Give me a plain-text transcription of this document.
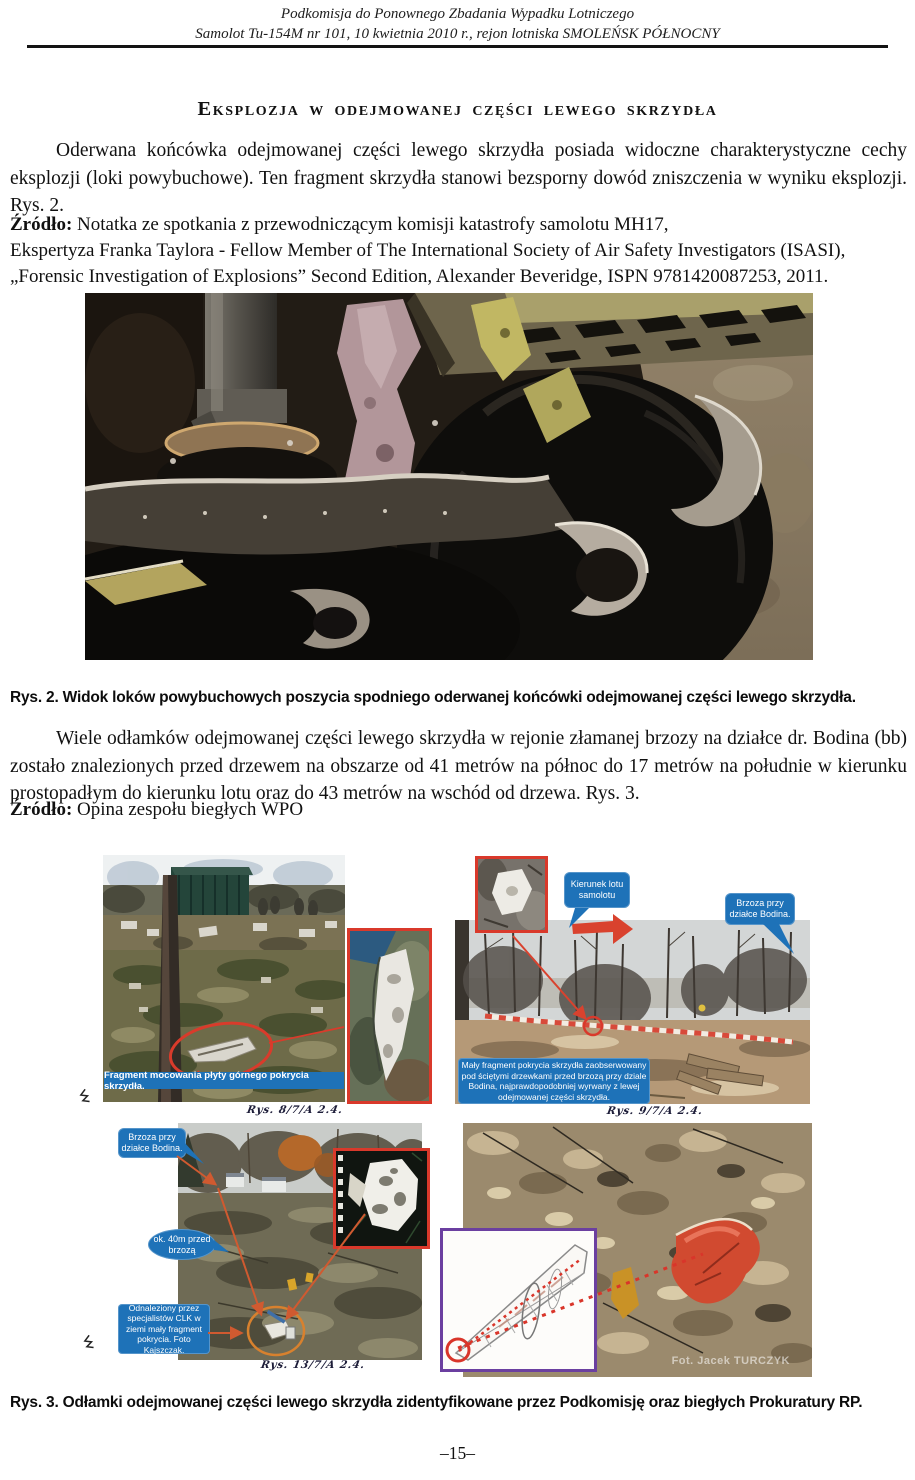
Podkomisja do Ponownego Zbadania Wypadku Lotniczego
Samolot Tu-154M nr 101, 10 kwietnia 2010 r., rejon lotniska SMOLEŃSK PÓŁNOCNY
Eksplozja w odejmowanej części lewego skrzydła
Oderwana końcówka odejmowanej części lewego skrzydła posiada widoczne charakterystyczne cechy eksplozji (loki powybuchowe). Ten fragment skrzydła stanowi bezsporny dowód zniszczenia w wyniku eksplozji. Rys. 2.
Źródło: Notatka ze spotkania z przewodniczącym komisji katastrofy samolotu MH17,
Ekspertyza Franka Taylora - Fellow Member of The International Society of Air Safety Investigators (ISASI), „Forensic Investigation of Explosions” Second Edition, Alexander Beveridge, ISPN 9781420087253, 2011.
Rys. 2. Widok loków powybuchowych poszycia spodniego oderwanej końcówki odejmowanej części lewego skrzydła.
Wiele odłamków odejmowanej części lewego skrzydła w rejonie złamanej brzozy na działce dr. Bodina (bb) zostało znalezionych przed drzewem na obszarze od 41 metrów na północ do 17 metrów na południe w kierunku prostopadłym do kierunku lotu oraz do 43 metrów na wschód od drzewa. Rys. 3.
Źródło: Opina zespołu biegłych WPO
Fragment mocowania płyty górnego pokrycia skrzydła.
Rys. 8/7/A 2.4.
Kierunek lotu samolotu
Brzoza przy działce Bodina.
Mały fragment pokrycia skrzydła zaobserwowany pod ściętymi drzewkami przed brzozą przy dziale Bodina, najprawdopodobniej wyrwany z lewej odejmowanej części skrzydła.
Rys. 9/7/A 2.4.
Brzoza przy działce Bodina.
ok. 40m przed brzozą
Odnaleziony przez specjalistów CLK w ziemi mały fragment pokrycia. Foto Kajszczak.
Rys. 13/7/A 2.4.	Fot. Jacek TURCZYK
Rys. 3. Odłamki odejmowanej części lewego skrzydła zidentyfikowane przez Podkomisję oraz biegłych Prokuratury RP.
–15–
